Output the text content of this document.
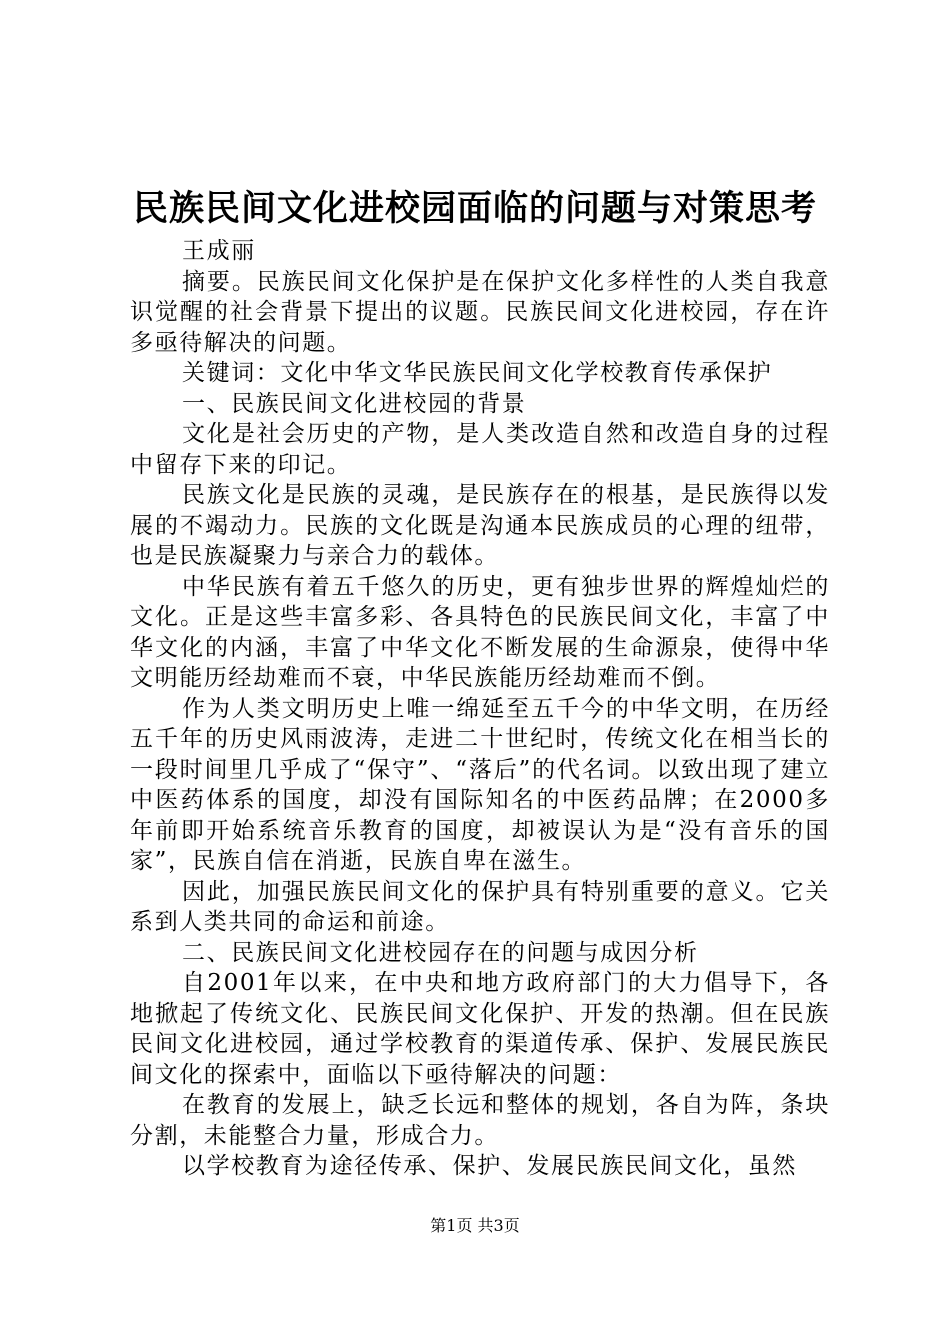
民族民间文化进校园面临的问题与对策思考

王成丽

摘要。民族民间文化保护是在保护文化多样性的人类自我意识觉醒的社会背景下提出的议题。民族民间文化进校园，存在许多亟待解决的问题。

关键词：文化中华文华民族民间文化学校教育传承保护

一、民族民间文化进校园的背景

文化是社会历史的产物，是人类改造自然和改造自身的过程中留存下来的印记。

民族文化是民族的灵魂，是民族存在的根基，是民族得以发展的不竭动力。民族的文化既是沟通本民族成员的心理的纽带，也是民族凝聚力与亲合力的载体。

中华民族有着五千悠久的历史，更有独步世界的辉煌灿烂的文化。正是这些丰富多彩、各具特色的民族民间文化，丰富了中华文化的内涵，丰富了中华文化不断发展的生命源泉，使得中华文明能历经劫难而不衰，中华民族能历经劫难而不倒。

作为人类文明历史上唯一绵延至五千今的中华文明，在历经五千年的历史风雨波涛，走进二十世纪时，传统文化在相当长的一段时间里几乎成了“保守”、“落后”的代名词。以致出现了建立中医药体系的国度，却没有国际知名的中医药品牌；在2000多年前即开始系统音乐教育的国度，却被误认为是“没有音乐的国家”，民族自信在消逝，民族自卑在滋生。

因此，加强民族民间文化的保护具有特别重要的意义。它关系到人类共同的命运和前途。

二、民族民间文化进校园存在的问题与成因分析

自2001年以来，在中央和地方政府部门的大力倡导下，各地掀起了传统文化、民族民间文化保护、开发的热潮。但在民族民间文化进校园，通过学校教育的渠道传承、保护、发展民族民间文化的探索中，面临以下亟待解决的问题：

在教育的发展上，缺乏长远和整体的规划，各自为阵，条块分割，未能整合力量，形成合力。

以学校教育为途径传承、保护、发展民族民间文化，虽然

第1页 共3页
